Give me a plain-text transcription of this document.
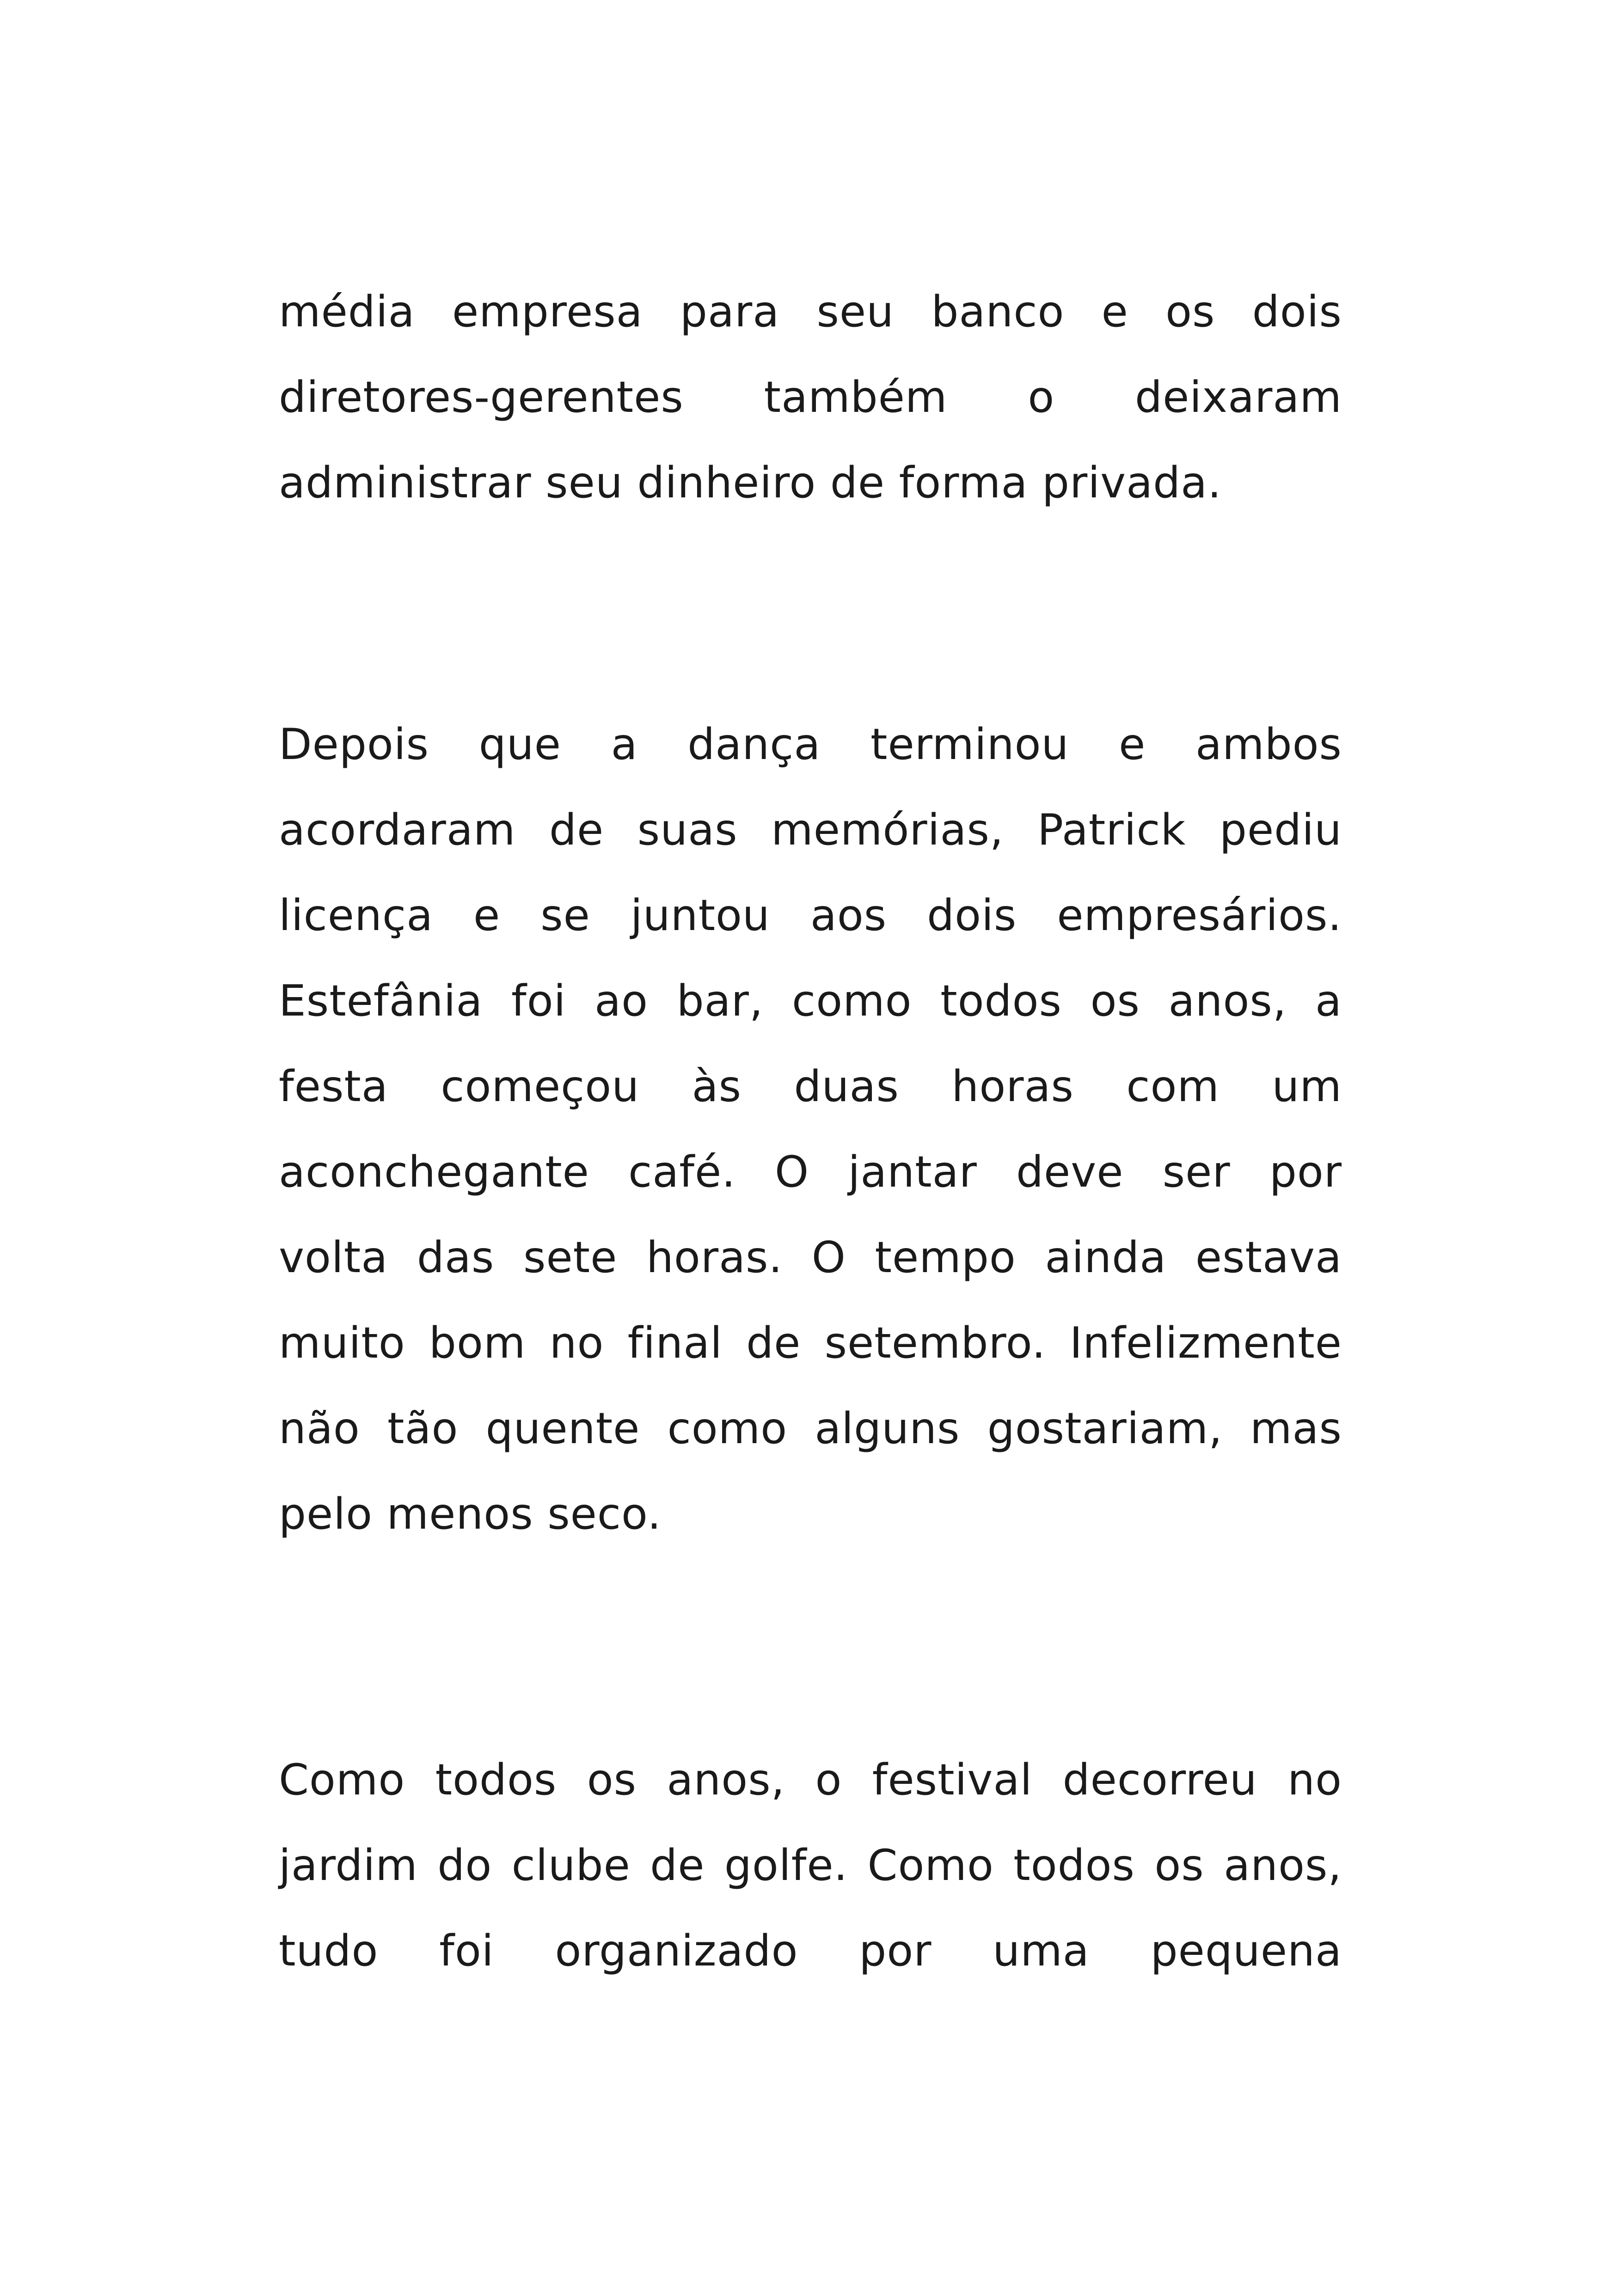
média empresa para seu banco e os dois
diretores-gerentes também o deixaram
administrar seu dinheiro de forma privada.
Depois que a dança terminou e ambos
acordaram de suas memórias, Patrick pediu
licença e se juntou aos dois empresários.
Estefânia foi ao bar, como todos os anos, a
festa começou às duas horas com um
aconchegante café. O jantar deve ser por
volta das sete horas. O tempo ainda estava
muito bom no final de setembro. Infelizmente
não tão quente como alguns gostariam, mas
pelo menos seco.
Como todos os anos, o festival decorreu no
jardim do clube de golfe. Como todos os anos,
tudo foi organizado por uma pequena
